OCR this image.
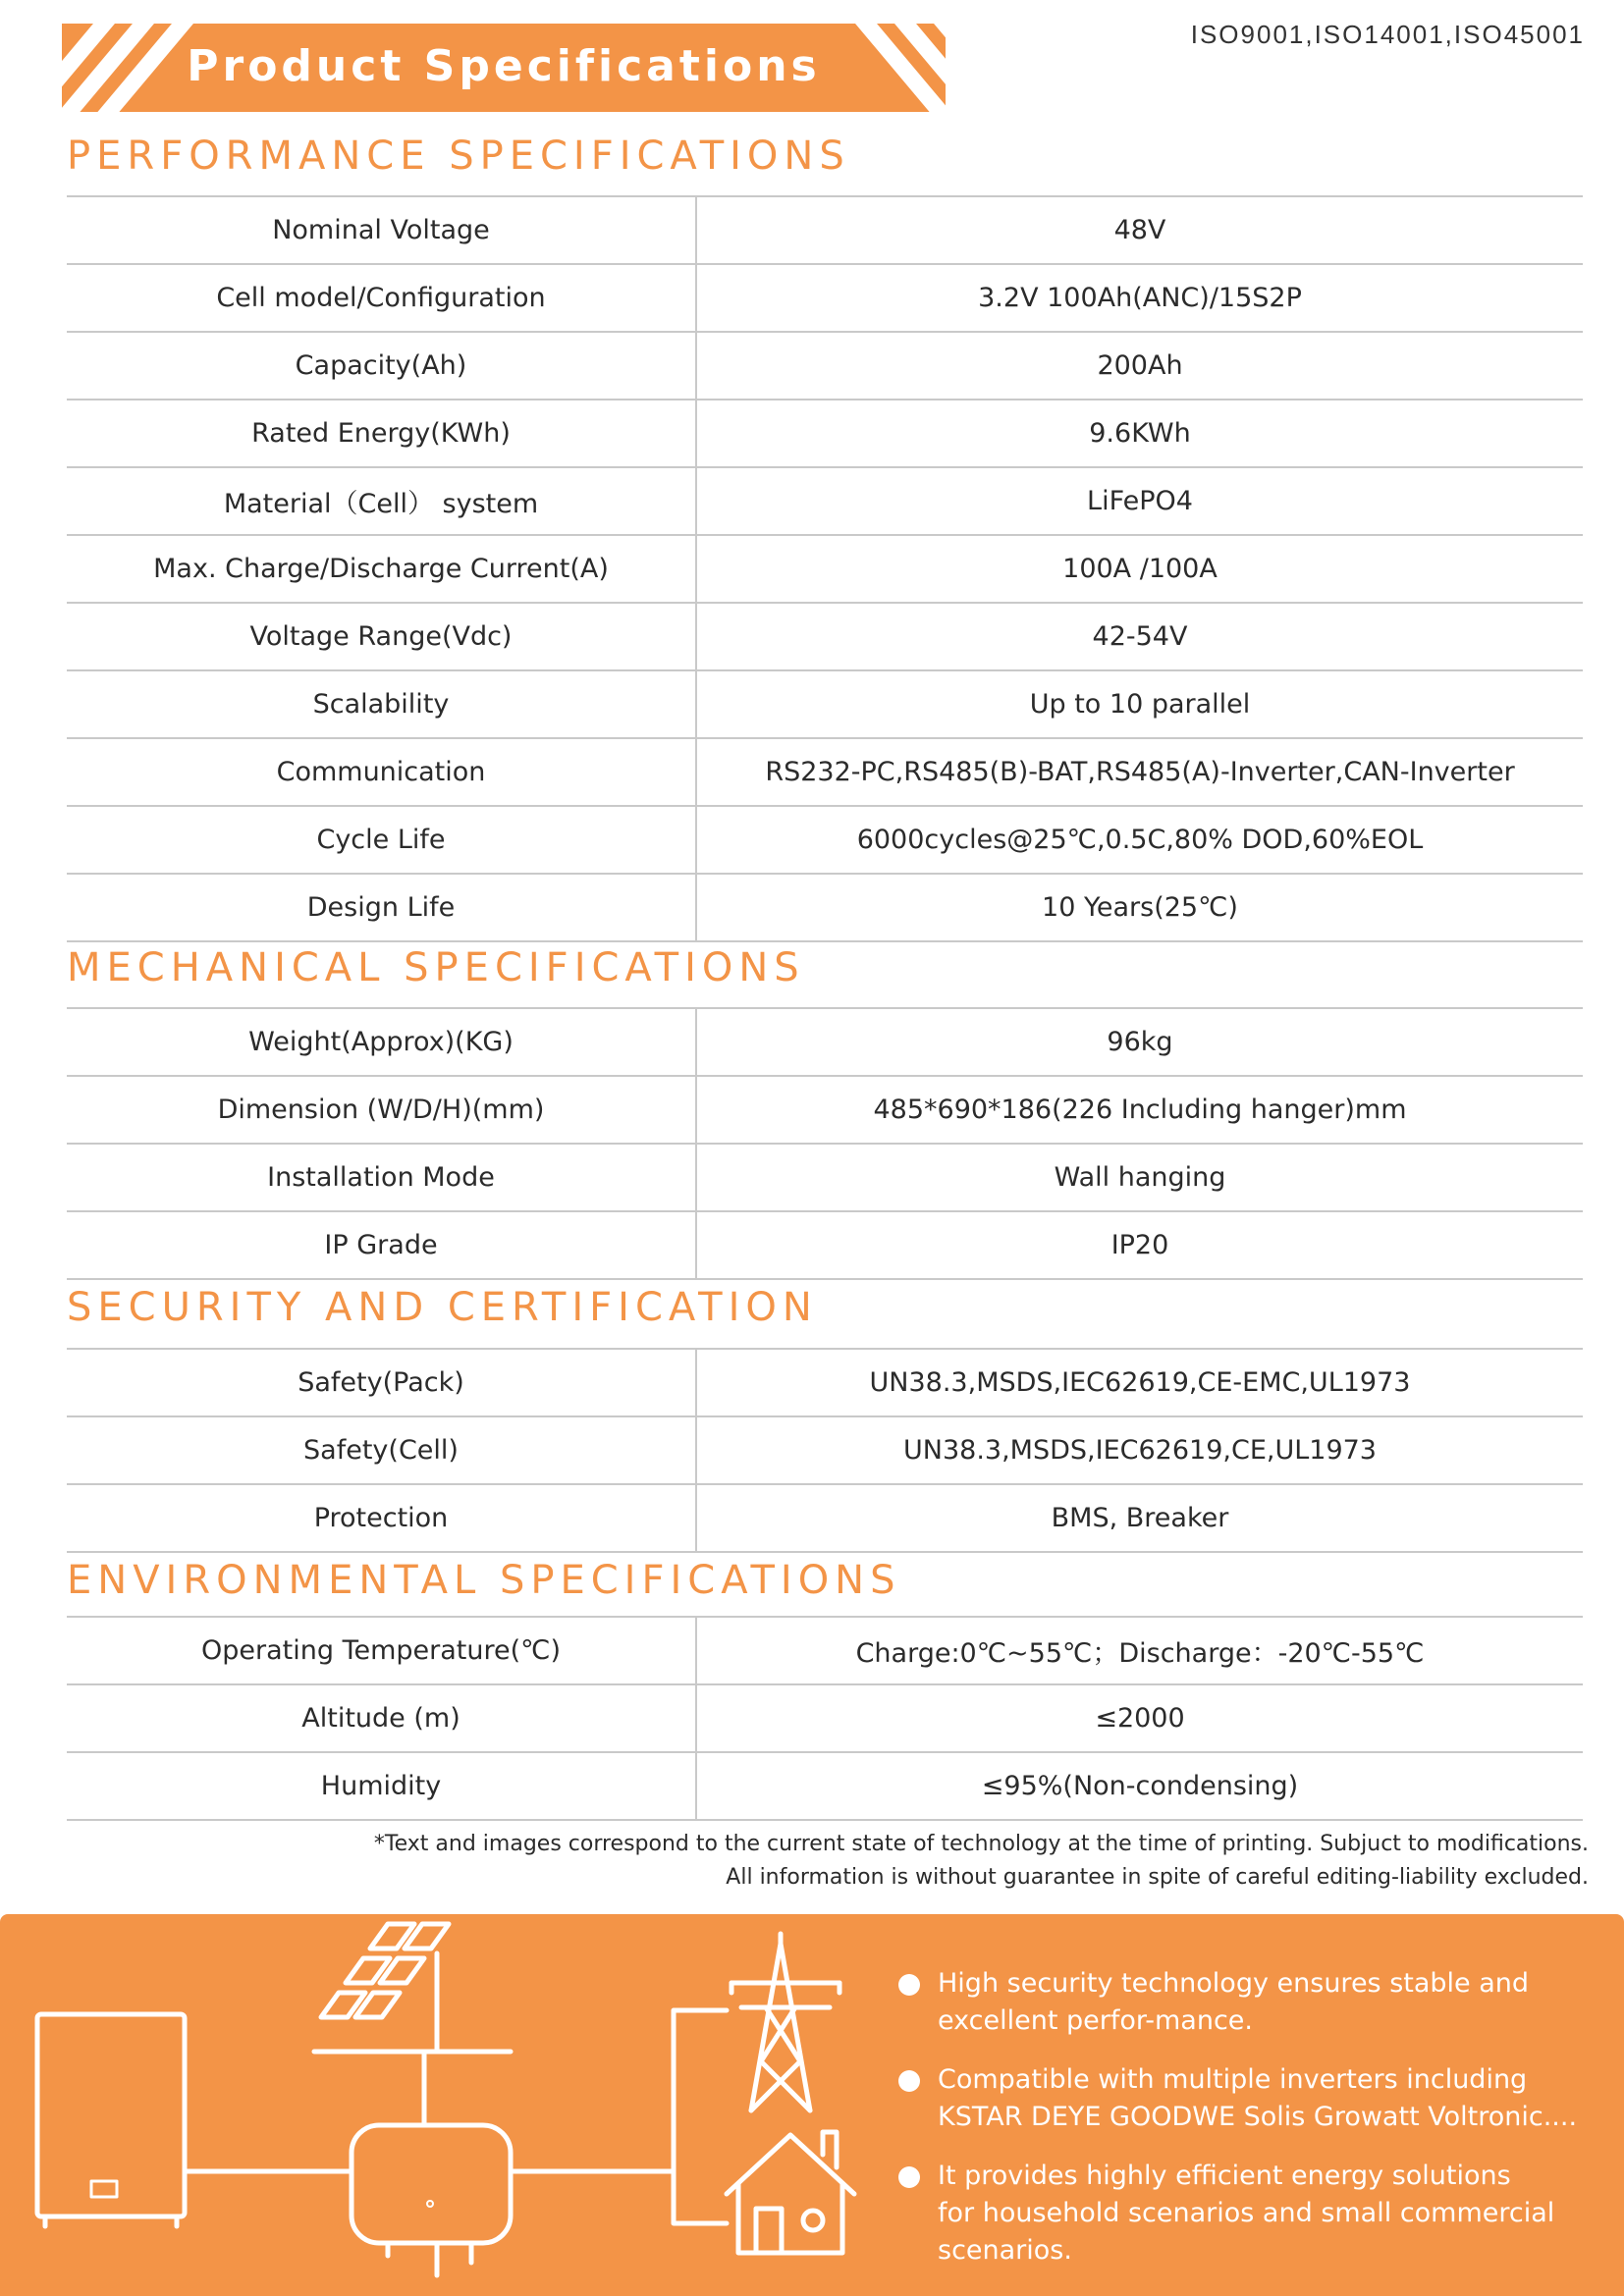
Product Specifications
ISO9001,ISO14001,ISO45001
PERFORMANCE SPECIFICATIONS
MECHANICAL SPECIFICATIONS
SECURITY AND CERTIFICATION
ENVIRONMENTAL SPECIFICATIONS
Nominal Voltage	48V
Cell model/Configuration	3.2V 100Ah(ANC)/15S2P
Capacity(Ah)	200Ah
Rated Energy(KWh)	9.6KWh
Material（Cell） system	LiFePO4
Max. Charge/Discharge Current(A)	100A /100A
Voltage Range(Vdc)	42-54V
Scalability	Up to 10 parallel
Communication	RS232-PC,RS485(B)-BAT,RS485(A)-Inverter,CAN-Inverter
Cycle Life	6000cycles@25℃,0.5C,80% DOD,60%EOL
Design Life	10 Years(25℃)
Weight(Approx)(KG)	96kg
Dimension (W/D/H)(mm)	485*690*186(226 Including hanger)mm
Installation Mode	Wall hanging
IP Grade	IP20
Safety(Pack)	UN38.3,MSDS,IEC62619,CE-EMC,UL1973
Safety(Cell)	UN38.3,MSDS,IEC62619,CE,UL1973
Protection	BMS, Breaker
Operating Temperature(℃)	Charge:0℃~55℃；Discharge：-20℃-55℃
Altitude (m)	≤2000
Humidity	≤95%(Non-condensing)
*Text and images correspond to the current state of technology at the time of printing. Subjuct to modifications.
All information is without guarantee in spite of careful editing-liability excluded.
High security technology ensures stable and
excellent perfor-mance.
Compatible with multiple inverters including
KSTAR DEYE GOODWE Solis Growatt Voltronic....
It provides highly efficient energy solutions
for household scenarios and small commercial
scenarios.
